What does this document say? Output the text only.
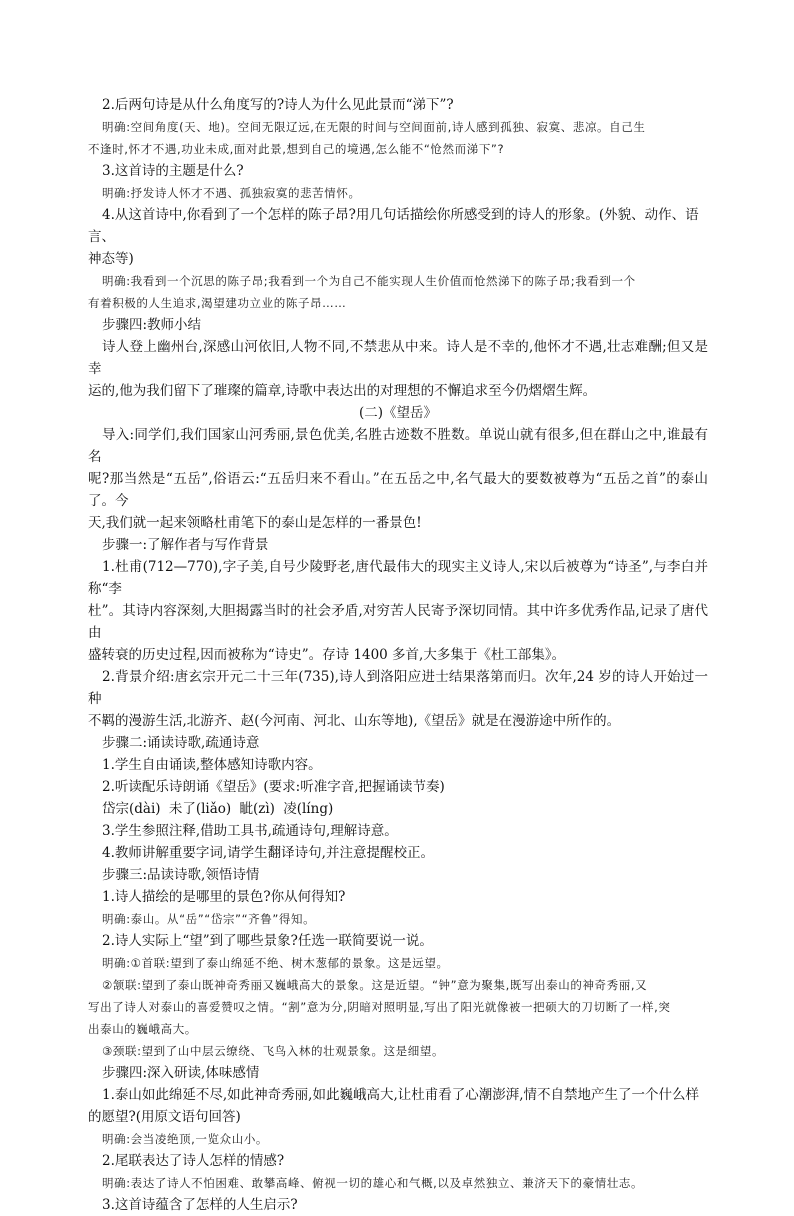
2.后两句诗是从什么角度写的?诗人为什么见此景而“涕下”?

明确:空间角度(天、地)。空间无限辽远,在无限的时间与空间面前,诗人感到孤独、寂寞、悲凉。自己生

不逢时,怀才不遇,功业未成,面对此景,想到自己的境遇,怎么能不“怆然而涕下”?

3.这首诗的主题是什么?

明确:抒发诗人怀才不遇、孤独寂寞的悲苦情怀。

4.从这首诗中,你看到了一个怎样的陈子昂?用几句话描绘你所感受到的诗人的形象。(外貌、动作、语言、

神态等)

明确:我看到一个沉思的陈子昂;我看到一个为自己不能实现人生价值而怆然涕下的陈子昂;我看到一个

有着积极的人生追求,渴望建功立业的陈子昂……

步骤四:教师小结

诗人登上幽州台,深感山河依旧,人物不同,不禁悲从中来。诗人是不幸的,他怀才不遇,壮志难酬;但又是幸

运的,他为我们留下了璀璨的篇章,诗歌中表达出的对理想的不懈追求至今仍熠熠生辉。

(二)《望岳》

导入:同学们,我们国家山河秀丽,景色优美,名胜古迹数不胜数。单说山就有很多,但在群山之中,谁最有名

呢?那当然是“五岳”,俗语云:“五岳归来不看山。”在五岳之中,名气最大的要数被尊为“五岳之首”的泰山了。今

天,我们就一起来领略杜甫笔下的泰山是怎样的一番景色!

步骤一:了解作者与写作背景

1.杜甫(712—770),字子美,自号少陵野老,唐代最伟大的现实主义诗人,宋以后被尊为“诗圣”,与李白并称“李

杜”。其诗内容深刻,大胆揭露当时的社会矛盾,对穷苦人民寄予深切同情。其中许多优秀作品,记录了唐代由

盛转衰的历史过程,因而被称为“诗史”。存诗 1400 多首,大多集于《杜工部集》。

2.背景介绍:唐玄宗开元二十三年(735),诗人到洛阳应进士结果落第而归。次年,24 岁的诗人开始过一种

不羁的漫游生活,北游齐、赵(今河南、河北、山东等地),《望岳》就是在漫游途中所作的。

步骤二:诵读诗歌,疏通诗意

1.学生自由诵读,整体感知诗歌内容。

2.听读配乐诗朗诵《望岳》(要求:听准字音,把握诵读节奏)

岱宗(dài) 未了(liǎo) 眦(zì) 凌(líng)

3.学生参照注释,借助工具书,疏通诗句,理解诗意。

4.教师讲解重要字词,请学生翻译诗句,并注意提醒校正。

步骤三:品读诗歌,领悟诗情

1.诗人描绘的是哪里的景色?你从何得知?

明确:泰山。从“岳”“岱宗”“齐鲁”得知。

2.诗人实际上“望”到了哪些景象?任选一联简要说一说。

明确:①首联:望到了泰山绵延不绝、树木葱郁的景象。这是远望。

②颔联:望到了泰山既神奇秀丽又巍峨高大的景象。这是近望。“钟”意为聚集,既写出泰山的神奇秀丽,又

写出了诗人对泰山的喜爱赞叹之情。“割”意为分,阴暗对照明显,写出了阳光就像被一把硕大的刀切断了一样,突

出泰山的巍峨高大。

③颈联:望到了山中层云缭绕、飞鸟入林的壮观景象。这是细望。

步骤四:深入研读,体味感情

1.泰山如此绵延不尽,如此神奇秀丽,如此巍峨高大,让杜甫看了心潮澎湃,情不自禁地产生了一个什么样

的愿望?(用原文语句回答)

明确:会当凌绝顶,一览众山小。

2.尾联表达了诗人怎样的情感?

明确:表达了诗人不怕困难、敢攀高峰、俯视一切的雄心和气概,以及卓然独立、兼济天下的豪情壮志。

3.这首诗蕴含了怎样的人生启示?
